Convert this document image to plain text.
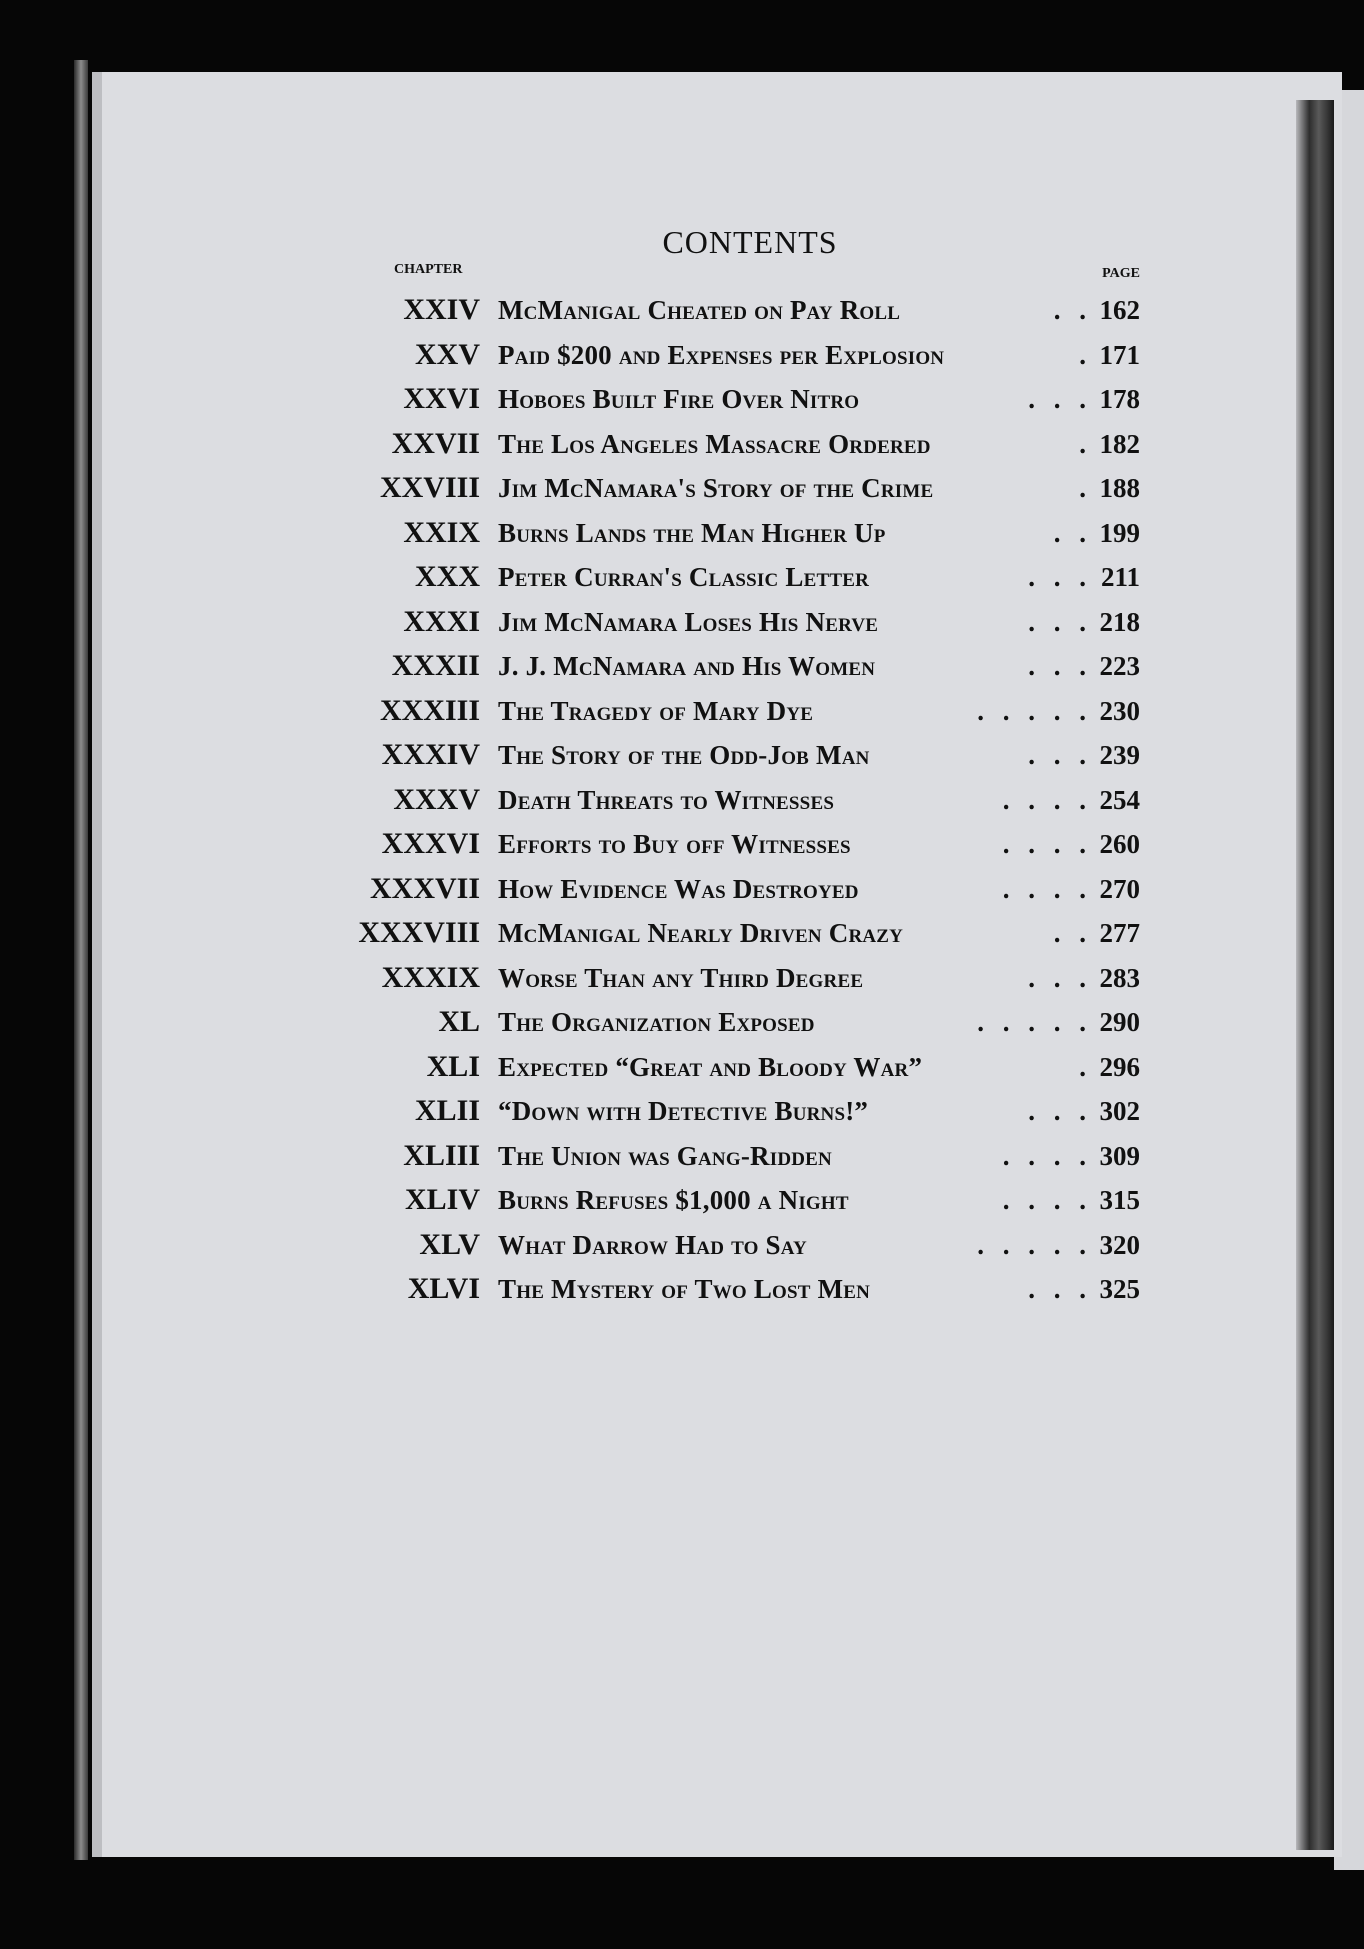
CONTENTS
CHAPTER	PAGE
XXIV McManigal Cheated on Pay Roll	. . 162
XXV Paid $200 and Expenses per Explosion	. 171
XXVI Hoboes Built Fire Over Nitro	. . . 178
XXVII The Los Angeles Massacre Ordered	. 182
XXVIII Jim McNamara's Story of the Crime	. 188
XXIX Burns Lands the Man Higher Up	. . 199
XXX Peter Curran's Classic Letter	. . . 211
XXXI Jim McNamara Loses His Nerve	. . . 218
XXXII J. J. McNamara and His Women	. . . 223
XXXIII The Tragedy of Mary Dye	. . . . . 230
XXXIV The Story of the Odd-Job Man	. . . 239
XXXV Death Threats to Witnesses	. . . . 254
XXXVI Efforts to Buy off Witnesses	. . . . 260
XXXVII How Evidence Was Destroyed	. . . . 270
XXXVIII McManigal Nearly Driven Crazy	. . 277
XXXIX Worse Than any Third Degree	. . . 283
XL The Organization Exposed	. . . . . 290
XLI Expected “Great and Bloody War”	. 296
XLII “Down with Detective Burns!”	. . . 302
XLIII The Union was Gang-Ridden	. . . . 309
XLIV Burns Refuses $1,000 a Night	. . . . 315
XLV What Darrow Had to Say	. . . . . 320
XLVI The Mystery of Two Lost Men	. . . 325
